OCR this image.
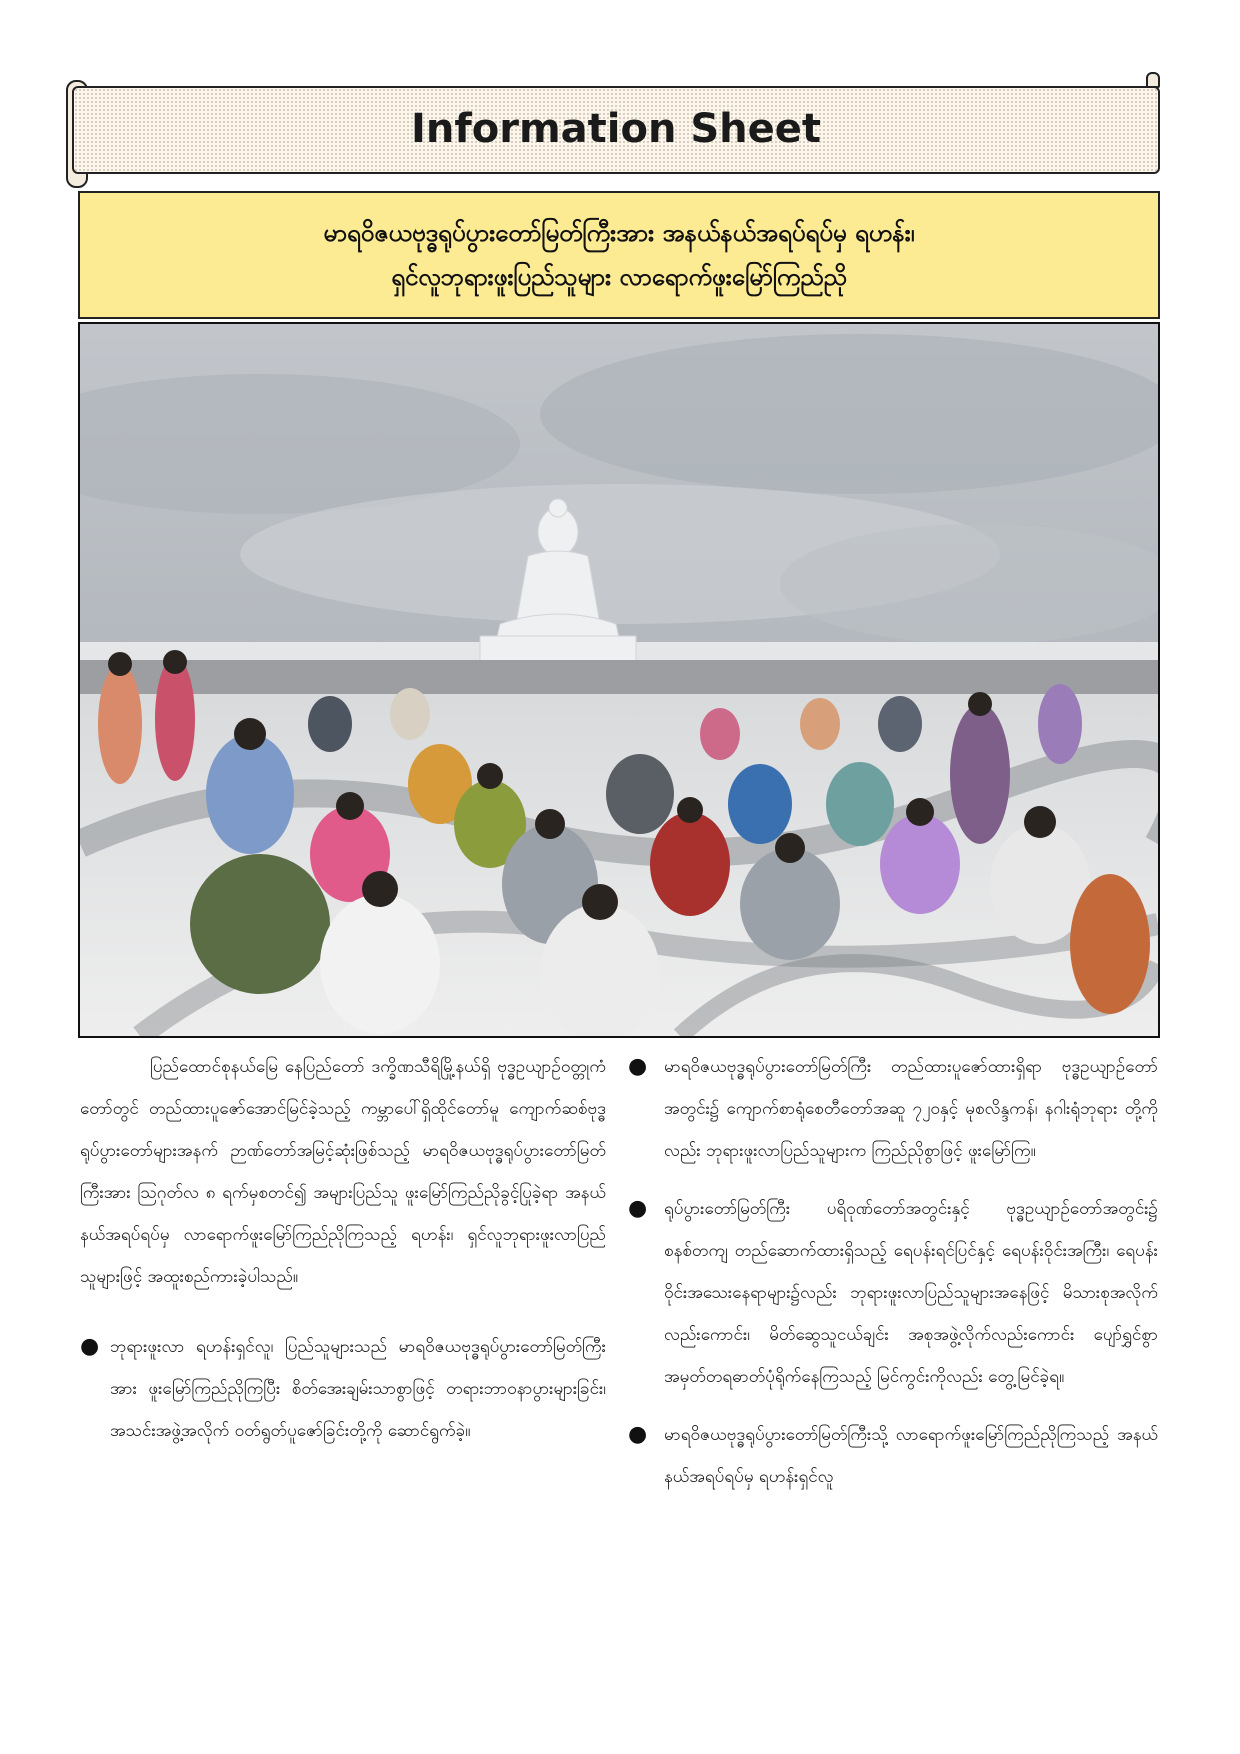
Information Sheet
မာရဝိဇယဗုဒ္ဓရုပ်ပွားတော်မြတ်ကြီးအား အနယ်နယ်အရပ်ရပ်မှ ရဟန်း၊
ရှင်လူဘုရားဖူးပြည်သူများ လာရောက်ဖူးမြော်ကြည်ညို

ပြည်ထောင်စုနယ်မြေ နေပြည်တော် ဒက္ခိဏသီရိမြို့နယ်ရှိ ဗုဒ္ဓဥယျာဉ်ဝတ္တုကံတော်တွင် တည်ထားပူဇော်အောင်မြင်ခဲ့သည့် ကမ္ဘာပေါ်ရှိထိုင်တော်မူ ကျောက်ဆစ်ဗုဒ္ဓရုပ်ပွားတော်များအနက် ဉာဏ်တော်အမြင့်ဆုံးဖြစ်သည့် မာရဝိဇယဗုဒ္ဓရုပ်ပွားတော်မြတ်ကြီးအား ဩဂုတ်လ ၈ ရက်မှစတင်၍ အများပြည်သူ ဖူးမြော်ကြည်ညိုခွင့်ပြုခဲ့ရာ အနယ်နယ်အရပ်ရပ်မှ လာရောက်ဖူးမြော်ကြည်ညိုကြသည့် ရဟန်း၊ ရှင်လူဘုရားဖူးလာပြည်သူများဖြင့် အထူးစည်ကားခဲ့ပါသည်။

● ဘုရားဖူးလာ ရဟန်းရှင်လူ၊ ပြည်သူများသည် မာရဝိဇယဗုဒ္ဓရုပ်ပွားတော်မြတ်ကြီးအား ဖူးမြော်ကြည်ညိုကြပြီး စိတ်အေးချမ်းသာစွာဖြင့် တရားဘာဝနာပွားများခြင်း၊ အသင်းအဖွဲ့အလိုက် ဝတ်ရွတ်ပူဇော်ခြင်းတို့ကို ဆောင်ရွက်ခဲ့။
● မာရဝိဇယဗုဒ္ဓရုပ်ပွားတော်မြတ်ကြီး တည်ထားပူဇော်ထားရှိရာ ဗုဒ္ဓဥယျာဉ်တော်အတွင်း၌ ကျောက်စာရုံစေတီတော်အဆူ ၇၂၀နှင့် မုစလိန္ဒကန်၊ နဂါးရုံဘုရား တို့ကိုလည်း ဘုရားဖူးလာပြည်သူများက ကြည်ညိုစွာဖြင့် ဖူးမြော်ကြ။
● ရုပ်ပွားတော်မြတ်ကြီး ပရိဝုဏ်တော်အတွင်းနှင့် ဗုဒ္ဓဥယျာဉ်တော်အတွင်း၌ စနစ်တကျ တည်ဆောက်ထားရှိသည့် ရေပန်းရင်ပြင်နှင့် ရေပန်းဝိုင်းအကြီး၊ ရေပန်းဝိုင်းအသေးနေရာများ၌လည်း ဘုရားဖူးလာပြည်သူများအနေဖြင့် မိသားစုအလိုက်လည်းကောင်း၊ မိတ်ဆွေသူငယ်ချင်း အစုအဖွဲ့လိုက်လည်းကောင်း ပျော်ရွှင်စွာ အမှတ်တရဓာတ်ပုံရိုက်နေကြသည့် မြင်ကွင်းကိုလည်း တွေ့မြင်ခဲ့ရ။
● မာရဝိဇယဗုဒ္ဓရုပ်ပွားတော်မြတ်ကြီးသို့ လာရောက်ဖူးမြော်ကြည်ညိုကြသည့် အနယ်နယ်အရပ်ရပ်မှ ရဟန်းရှင်လူ
